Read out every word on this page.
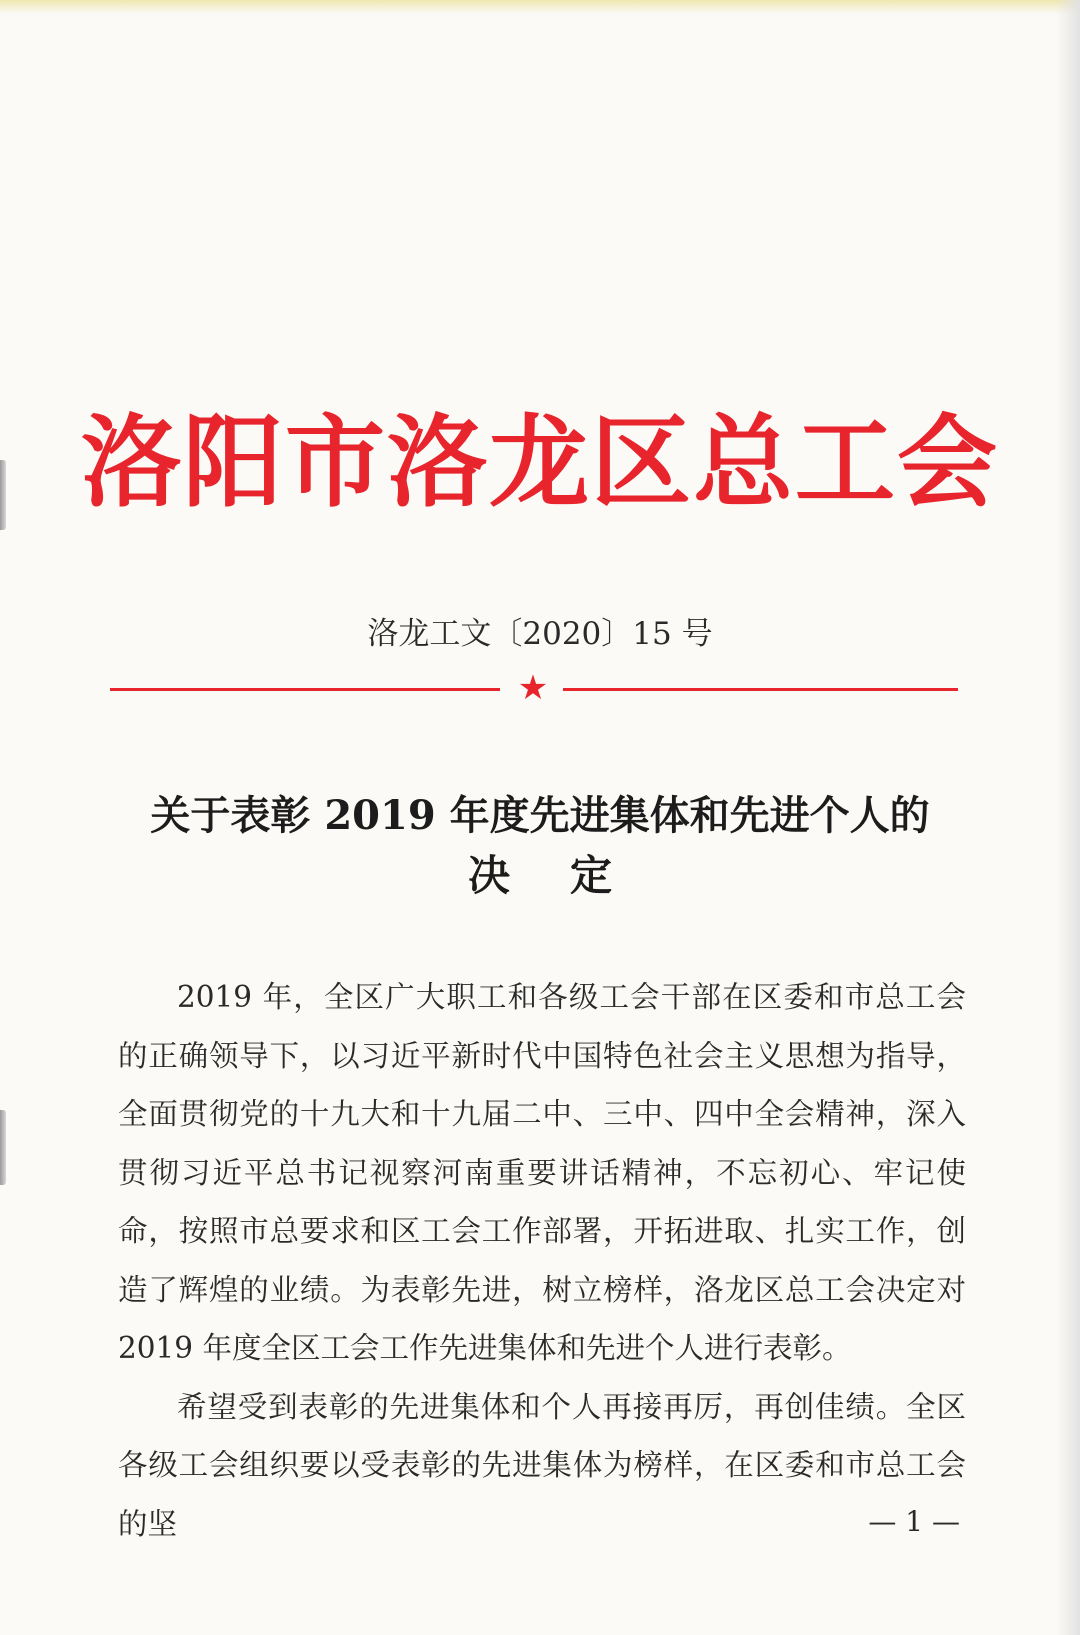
洛阳市洛龙区总工会
洛龙工文〔2020〕15 号
★
关于表彰 2019 年度先进集体和先进个人的
决定

2019 年，全区广大职工和各级工会干部在区委和市总工会的正确领导下，以习近平新时代中国特色社会主义思想为指导，全面贯彻党的十九大和十九届二中、三中、四中全会精神，深入贯彻习近平总书记视察河南重要讲话精神，不忘初心、牢记使命，按照市总要求和区工会工作部署，开拓进取、扎实工作，创造了辉煌的业绩。为表彰先进，树立榜样，洛龙区总工会决定对 2019 年度全区工会工作先进集体和先进个人进行表彰。

希望受到表彰的先进集体和个人再接再厉，再创佳绩。全区各级工会组织要以受表彰的先进集体为榜样，在区委和市总工会的坚	— 1 —
